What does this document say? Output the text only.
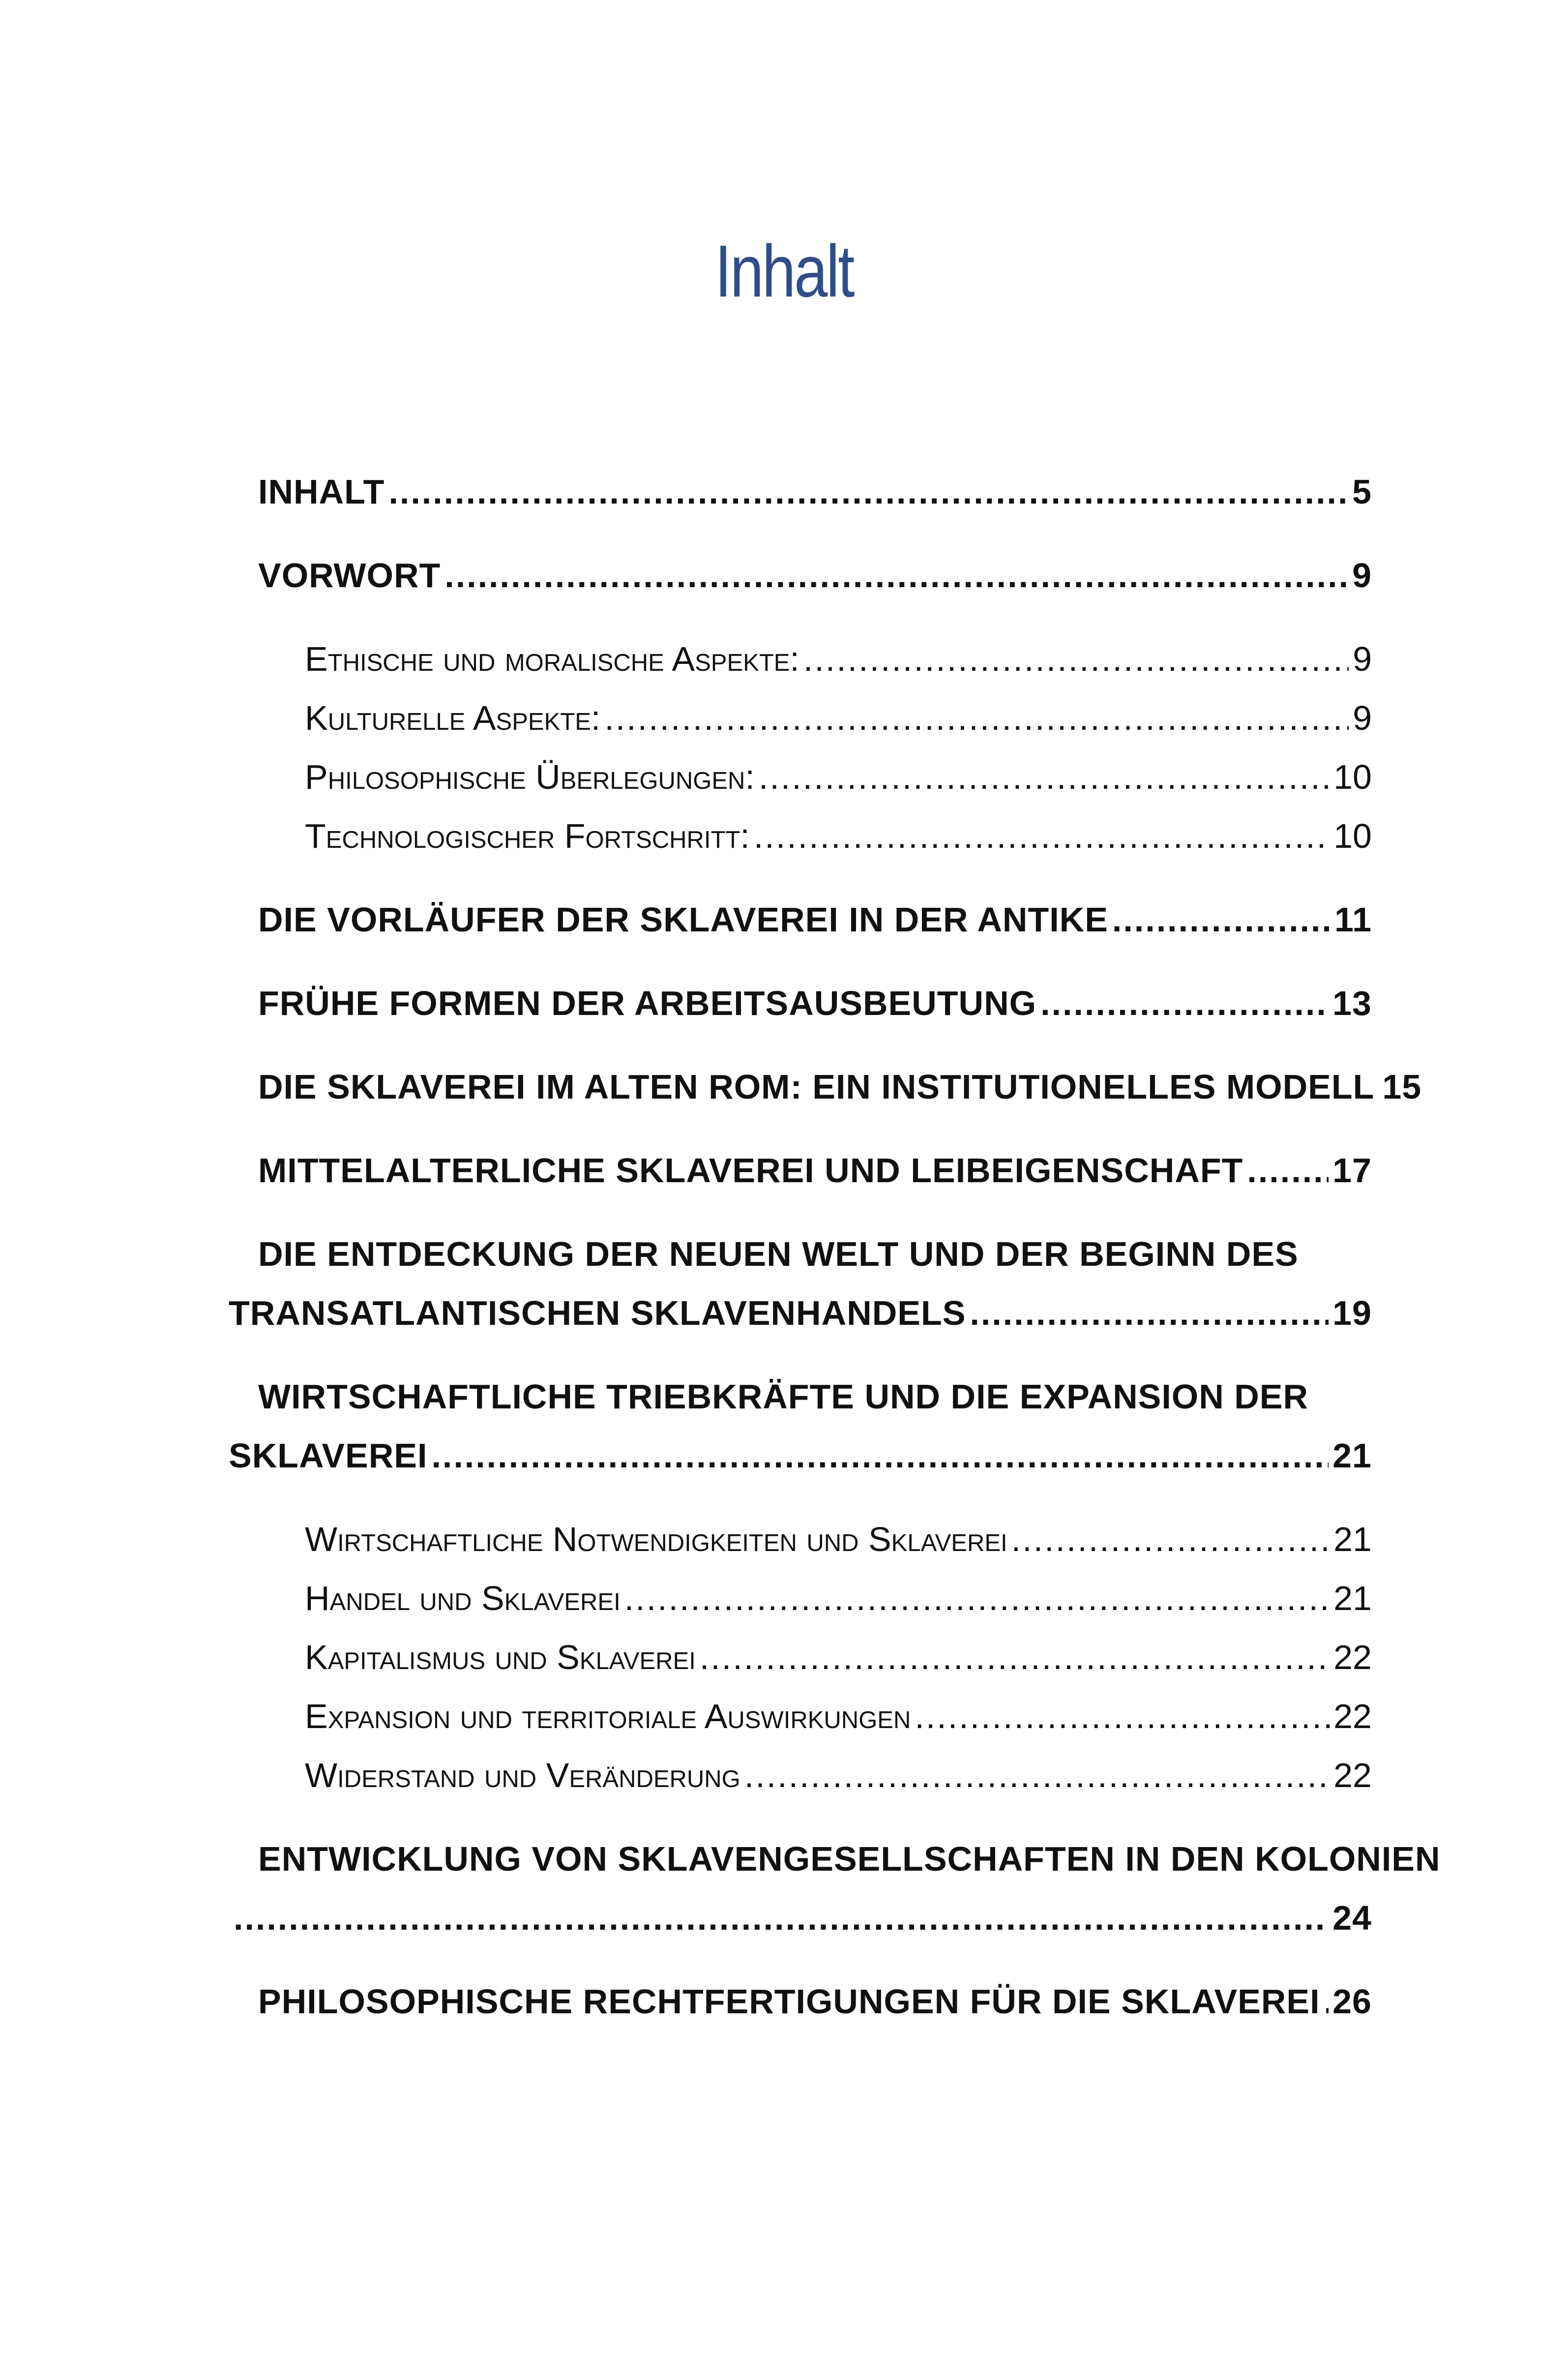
Inhalt
INHALT .....	5
VORWORT .....	9
Ethische und moralische Aspekte: .....	9
Kulturelle Aspekte: .....	9
Philosophische Überlegungen: .....	10
Technologischer Fortschritt: .....	10
DIE VORLÄUFER DER SKLAVEREI IN DER ANTIKE .....	11
FRÜHE FORMEN DER ARBEITSAUSBEUTUNG .....	13
DIE SKLAVEREI IM ALTEN ROM: EIN INSTITUTIONELLES MODELL 15
MITTELALTERLICHE SKLAVEREI UND LEIBEIGENSCHAFT .....	17
DIE ENTDECKUNG DER NEUEN WELT UND DER BEGINN DES
TRANSATLANTISCHEN SKLAVENHANDELS .....	19
WIRTSCHAFTLICHE TRIEBKRÄFTE UND DIE EXPANSION DER
SKLAVEREI .....	21
Wirtschaftliche Notwendigkeiten und Sklaverei .....	21
Handel und Sklaverei .....	21
Kapitalismus und Sklaverei .....	22
Expansion und territoriale Auswirkungen .....	22
Widerstand und Veränderung .....	22
ENTWICKLUNG VON SKLAVENGESELLSCHAFTEN IN DEN KOLONIEN
.....
24
PHILOSOPHISCHE RECHTFERTIGUNGEN FÜR DIE SKLAVEREI ..... 26
